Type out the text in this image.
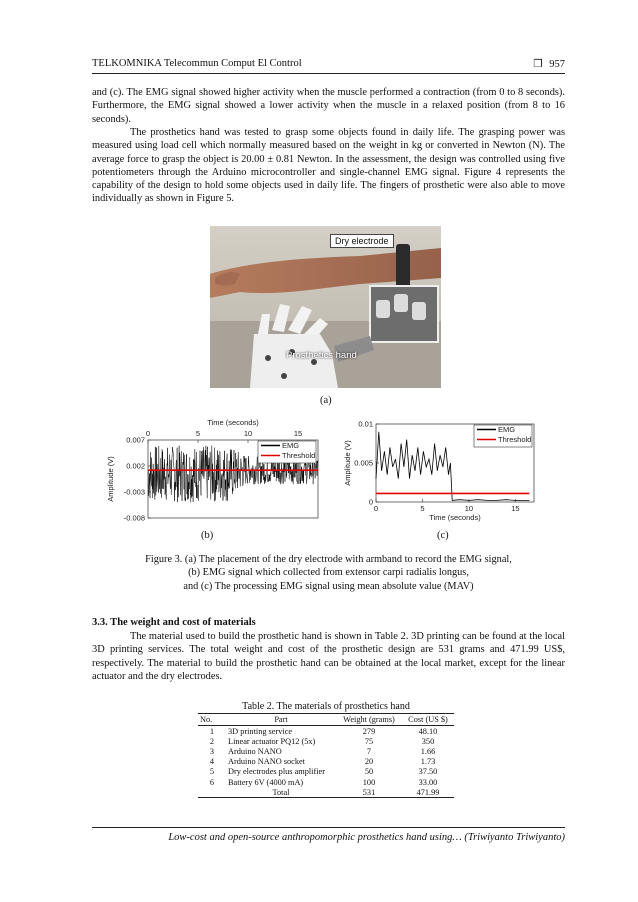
TELKOMNIKA Telecommun Comput El Control	❐ 957

and (c). The EMG signal showed higher activity when the muscle performed a contraction (from 0 to 8 seconds). Furthermore, the EMG signal showed a lower activity when the muscle in a relaxed position (from 8 to 16 seconds).

The prosthetics hand was tested to grasp some objects found in daily life. The grasping power was measured using load cell which normally measured based on the weight in kg or converted in Newton (N). The average force to grasp the object is 20.00 ± 0.81 Newton. In the assessment, the design was controlled using five potentiometers through the Arduino microcontroller and single-channel EMG signal. Figure 4 represents the capability of the design to hold some objects used in daily life. The fingers of prosthetic were also able to move individually as shown in Figure 5.

Dry electrode
Prosthetics hand
(a)
Time (seconds)
0	5	10	15
0.007
0.002
-0.003
-0.008
Amplitude (V)
EMG
Threshold
(b)
0	5	10	15
Time (seconds)
0.01
0.005
0
Amplitude (V)
EMG
Threshold
(c)
Figure 3. (a) The placement of the dry electrode with armband to record the EMG signal,
(b) EMG signal which collected from extensor carpi radialis longus,
and (c) The processing EMG signal using mean absolute value (MAV)
3.3. The weight and cost of materials

The material used to build the prosthetic hand is shown in Table 2. 3D printing can be found at the local 3D printing services. The total weight and cost of the prosthetic design are 531 grams and 471.99 US$, respectively. The material to build the prosthetic hand can be obtained at the local market, except for the linear actuator and the dry electrodes.

Table 2. The materials of prosthetics hand
No.	Part	Weight (grams)	Cost (US $)
1	3D printing service	279	48.10
2	Linear actuator PQ12 (5x)	75	350
3	Arduino NANO	7	1.66
4	Arduino NANO socket	20	1.73
5	Dry electrodes plus amplifier	50	37.50
6	Battery 6V (4000 mA)	100	33.00
	Total	531	471.99
Low-cost and open-source anthropomorphic prosthetics hand using… (Triwiyanto Triwiyanto)
